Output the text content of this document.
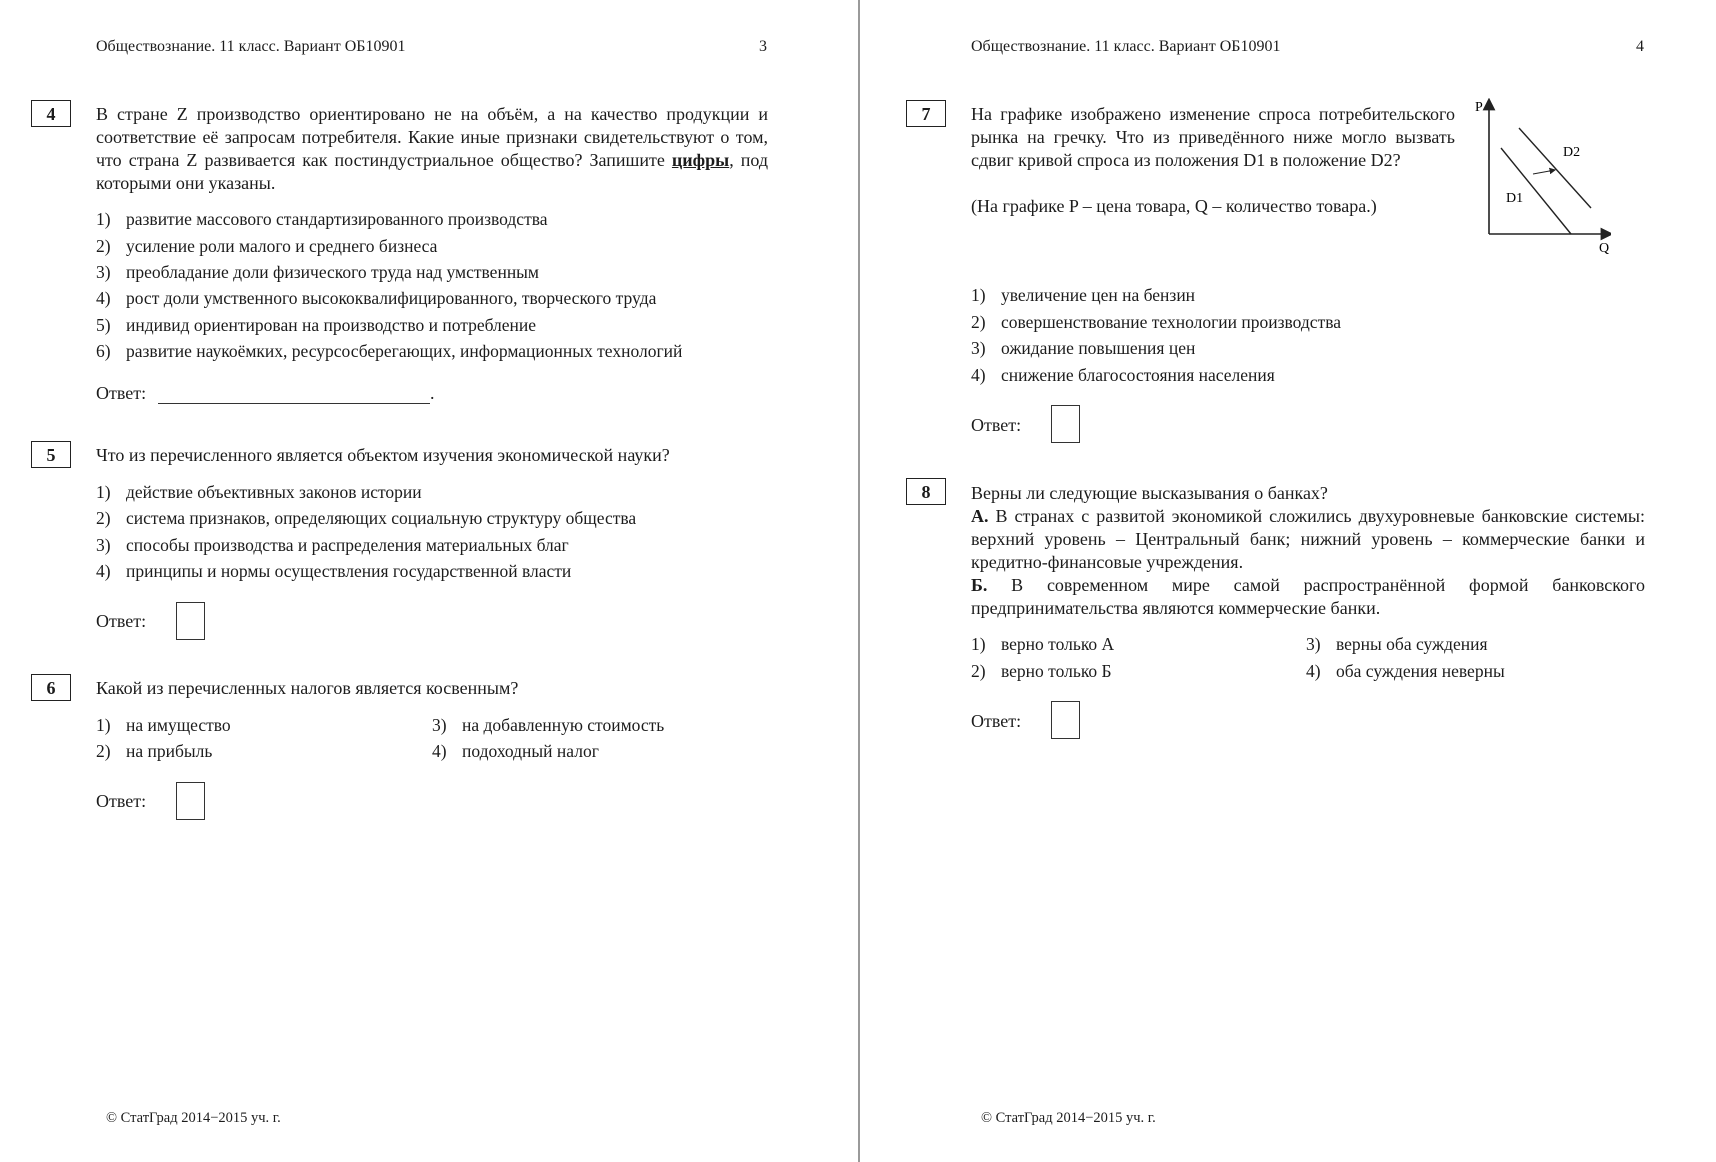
Обществознание. 11 класс. Вариант ОБ10901	3
4	В стране Z производство ориентировано не на объём, а на качество продукции и соответствие её запросам потребителя. Какие иные признаки свидетельствуют о том, что страна Z развивается как постиндустриальное общество? Запишите цифры, под которыми они указаны.
1) развитие массового стандартизированного производства
2) усиление роли малого и среднего бизнеса
3) преобладание доли физического труда над умственным
4) рост доли умственного высококвалифицированного, творческого труда
5) индивид ориентирован на производство и потребление
6) развитие наукоёмких, ресурсосберегающих, информационных технологий
Ответ:	.
5	Что из перечисленного является объектом изучения экономической науки?
1) действие объективных законов истории
2) система признаков, определяющих социальную структуру общества
3) способы производства и распределения материальных благ
4) принципы и нормы осуществления государственной власти
Ответ:
6	Какой из перечисленных налогов является косвенным?
1) на имущество
2) на прибыль
3) на добавленную стоимость
4) подоходный налог
Ответ:
© СтатГрад 2014−2015 уч. г.
Обществознание. 11 класс. Вариант ОБ10901	4
7	На графике изображено изменение спроса потребительского рынка на гречку. Что из приведённого ниже могло вызвать сдвиг кривой спроса из положения D1 в положение D2?
(На графике P – цена товара, Q – количество товара.)
P
Q
D1
D2
1) увеличение цен на бензин
2) совершенствование технологии производства
3) ожидание повышения цен
4) снижение благосостояния населения
Ответ:
8	Верны ли следующие высказывания о банках?
А. В странах с развитой экономикой сложились двухуровневые банковские системы: верхний уровень – Центральный банк; нижний уровень – коммерческие банки и кредитно-финансовые учреждения.
Б. В современном мире самой распространённой формой банковского предпринимательства являются коммерческие банки.
1) верно только А
2) верно только Б
3) верны оба суждения
4) оба суждения неверны
Ответ:
© СтатГрад 2014−2015 уч. г.
